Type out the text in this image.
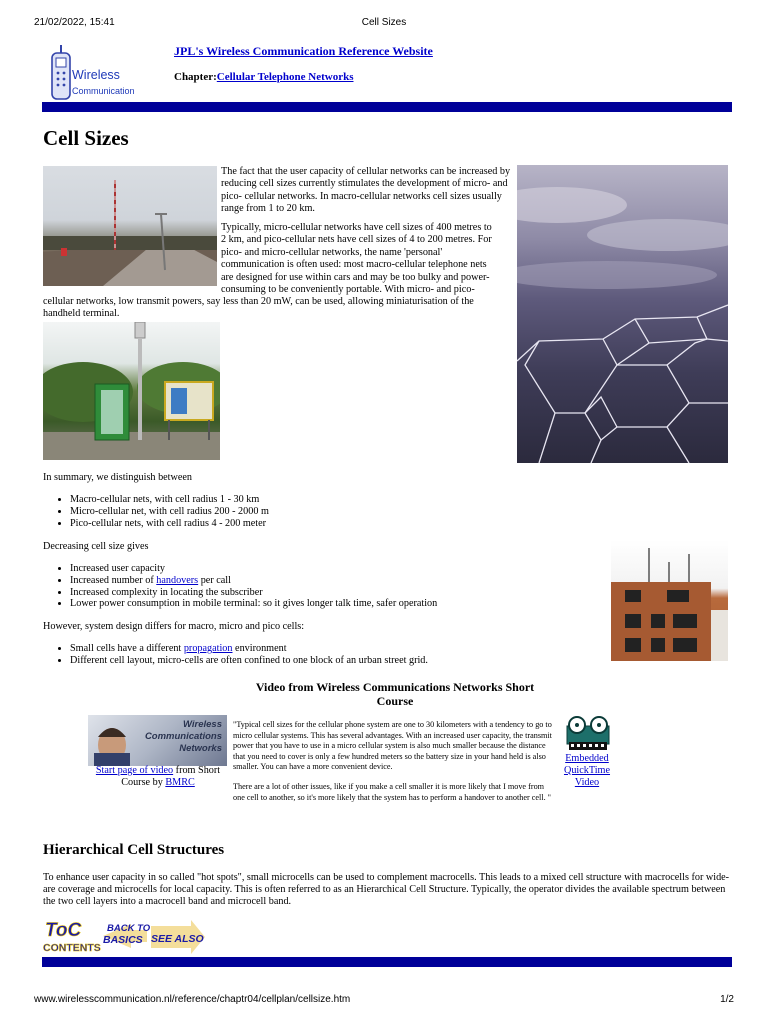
21/02/2022, 15:41	Cell Sizes
Wireless
Communication
JPL's Wireless Communication Reference Website
Chapter:Cellular Telephone Networks
Cell Sizes

The fact that the user capacity of cellular networks can be increased by reducing cell sizes currently stimulates the development of micro- and pico- cellular networks. In macro-cellular networks cell sizes usually range from 1 to 20 km.

Typically, micro-cellular networks have cell sizes of 400 metres to
2 km, and pico-cellular nets have cell sizes of 4 to 200 metres. For
pico- and micro-cellular networks, the name 'personal'
communication is often used: most macro-cellular telephone nets
are designed for use within cars and may be too bulky and power-
consuming to be conveniently portable. With micro- and pico-
cellular networks, low transmit powers, say less than 20 mW, can be used, allowing miniaturisation of the
handheld terminal.
In summary, we distinguish between
• Macro-cellular nets, with cell radius 1 - 30 km
• Micro-cellular net, with cell radius 200 - 2000 m
• Pico-cellular nets, with cell radius 4 - 200 meter
Decreasing cell size gives
• Increased user capacity
• Increased number of handovers per call
• Increased complexity in locating the subscriber
• Lower power consumption in mobile terminal: so it gives longer talk time, safer operation
However, system design differs for macro, micro and pico cells:
• Small cells have a different propagation environment
• Different cell layout, micro-cells are often confined to one block of an urban street grid.
Video from Wireless Communications Networks Short Course
Wireless
Communications
Networks
Start page of video from Short Course by BMRC

"Typical cell sizes for the cellular phone system are one to 30 kilometers with a tendency to go to micro cellular systems. This has several advantages. With an increased user capacity, the transmit power that you have to use in a micro cellular system is also much smaller because the distance that you need to cover is only a few hundred meters so the battery size in your hand held is also smaller. You can have a more convenient device.

There are a lot of other issues, like if you make a cell smaller it is more likely that I move from one cell to another, so it's more likely that the system has to perform a handover to another cell. "

Embedded QuickTime Video
Hierarchical Cell Structures
To enhance user capacity in so called "hot spots", small microcells can be used to complement macrocells. This leads to a mixed cell structure with macrocells for wide-are coverage and microcells for local capacity. This is often referred to as an Hierarchical Cell Structure. Typically, the operator divides the available spectrum between the two cell layers into a macrocell band and microcell band.
ToC
CONTENTS
BACK TO
BASICS SEE ALSO
www.wirelesscommunication.nl/reference/chaptr04/cellplan/cellsize.htm	1/2
